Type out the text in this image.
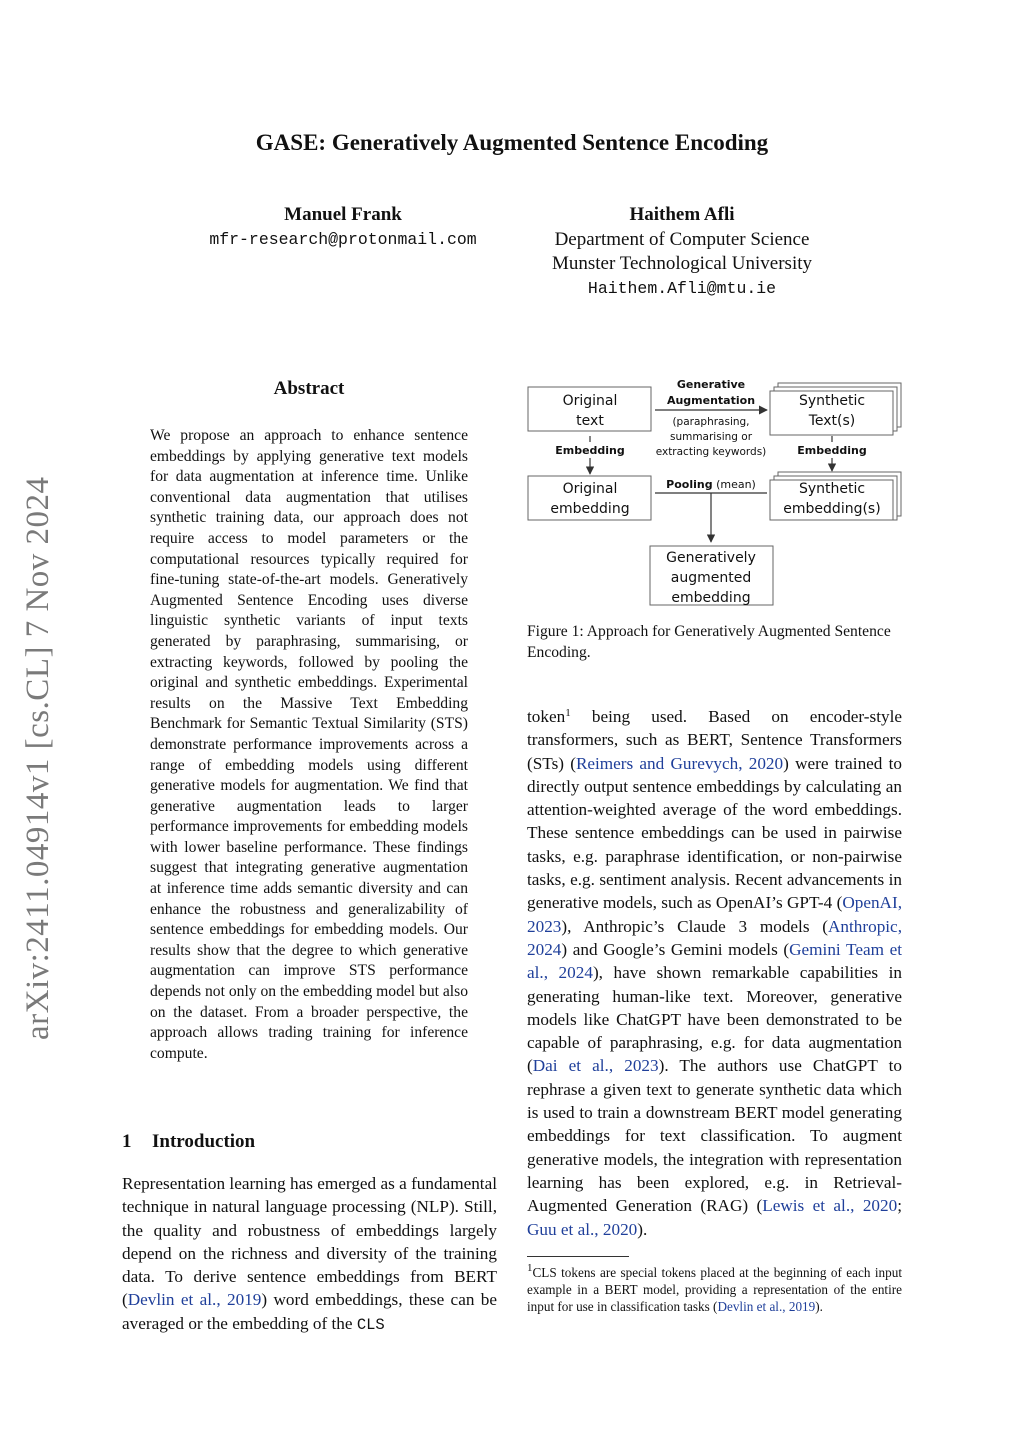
arXiv:2411.04914v1 [cs.CL] 7 Nov 2024
GASE: Generatively Augmented Sentence Encoding
Manuel Frank
mfr-research@protonmail.com
Haithem Afli
Department of Computer Science
Munster Technological University
Haithem.Afli@mtu.ie
Abstract
We propose an approach to enhance sentence embeddings by applying generative text models for data augmentation at inference time. Unlike conventional data augmentation that utilises synthetic training data, our approach does not require access to model parameters or the computational resources typically required for fine-tuning state-of-the-art models. Generatively Augmented Sentence Encoding uses diverse linguistic synthetic variants of input texts generated by paraphrasing, summarising, or extracting keywords, followed by pooling the original and synthetic embeddings. Experimental results on the Massive Text Embedding Benchmark for Semantic Textual Similarity (STS) demonstrate performance improvements across a range of embedding models using different generative models for augmentation. We find that generative augmentation leads to larger performance improvements for embedding models with lower baseline performance. These findings suggest that integrating generative augmentation at inference time adds semantic diversity and can enhance the robustness and generalizability of sentence embeddings for embedding models. Our results show that the degree to which generative augmentation can improve STS performance depends not only on the embedding model but also on the dataset. From a broader perspective, the approach allows trading training for inference compute.
Original
text
Generative
Augmentation
(paraphrasing,
summarising or
extracting keywords)
Synthetic
Text(s)
Embedding	Embedding
Original
embedding
Synthetic
embedding(s)
Pooling (mean)
Generatively
augmented
embedding
Figure 1: Approach for Generatively Augmented Sentence Encoding.
1 Introduction
Representation learning has emerged as a fundamental technique in natural language processing (NLP). Still, the quality and robustness of embeddings largely depend on the richness and diversity of the training data. To derive sentence embeddings from BERT (Devlin et al., 2019) word embeddings, these can be averaged or the embedding of the CLS
token$^1$ being used. Based on encoder-style transformers, such as BERT, Sentence Transformers (STs) (Reimers and Gurevych, 2020) were trained to directly output sentence embeddings by calculating an attention-weighted average of the word embeddings. These sentence embeddings can be used in pairwise tasks, e.g. paraphrase identification, or non-pairwise tasks, e.g. sentiment analysis. Recent advancements in generative models, such as OpenAI’s GPT-4 (OpenAI, 2023), Anthropic’s Claude 3 models (Anthropic, 2024) and Google’s Gemini models (Gemini Team et al., 2024), have shown remarkable capabilities in generating human-like text. Moreover, generative models like ChatGPT have been demonstrated to be capable of paraphrasing, e.g. for data augmentation (Dai et al., 2023). The authors use ChatGPT to rephrase a given text to generate synthetic data which is used to train a downstream BERT model generating embeddings for text classification. To augment generative models, the integration with representation learning has been explored, e.g. in Retrieval-Augmented Generation (RAG) (Lewis et al., 2020; Guu et al., 2020).
$^1$CLS tokens are special tokens placed at the beginning of each input example in a BERT model, providing a representation of the entire input for use in classification tasks (Devlin et al., 2019).
